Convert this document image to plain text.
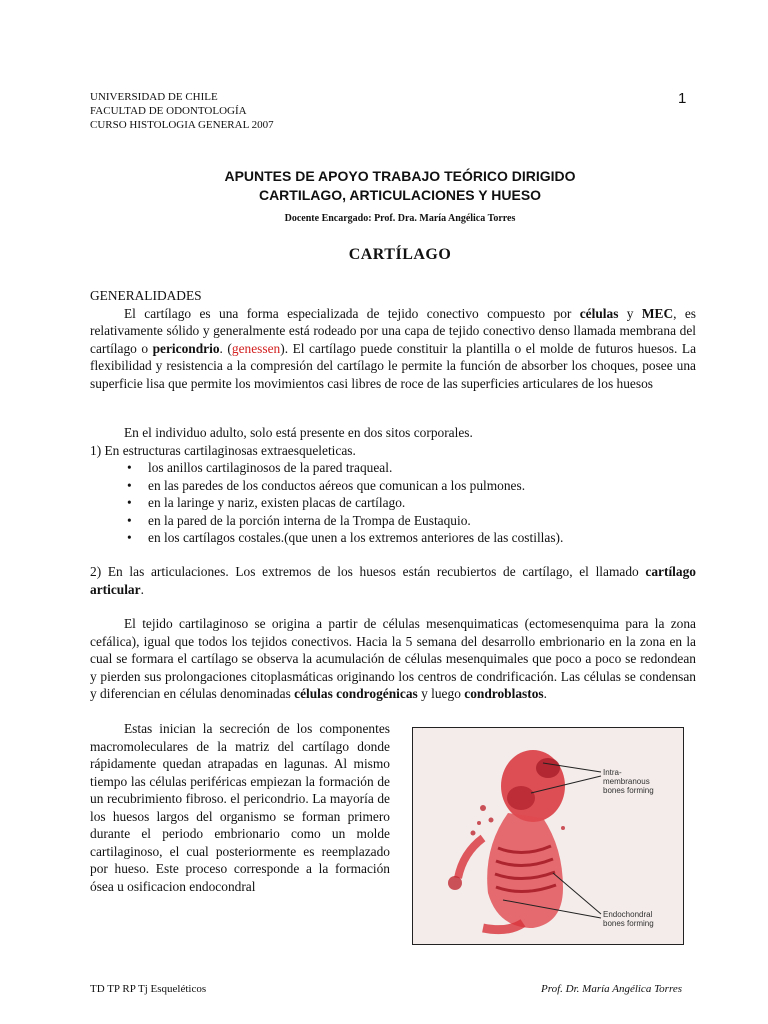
UNIVERSIDAD DE CHILE
FACULTAD DE ODONTOLOGÍA
CURSO HISTOLOGIA GENERAL 2007
1
APUNTES DE APOYO TRABAJO TEÓRICO DIRIGIDO
CARTILAGO, ARTICULACIONES Y HUESO
Docente Encargado: Prof. Dra. María Angélica Torres
CARTÍLAGO
GENERALIDADES
El cartílago es una forma especializada de tejido conectivo compuesto por células y MEC, es relativamente sólido y generalmente está rodeado por una capa de tejido conectivo denso llamada membrana del cartílago o pericondrio. (genessen). El cartílago puede constituir la plantilla o el molde de futuros huesos. La flexibilidad y resistencia a la compresión del cartílago le permite la función de absorber los choques, posee una superficie lisa que permite los movimientos casi libres de roce de las superficies articulares de los huesos
En el individuo adulto, solo está presente en dos sitos corporales.
1) En estructuras cartilaginosas extraesqueleticas.
• los anillos cartilaginosos de la pared traqueal.
• en las paredes de los conductos aéreos que comunican a los pulmones.
• en la laringe y nariz, existen placas de cartílago.
• en la pared de la porción interna de la Trompa de Eustaquio.
• en los cartílagos costales.(que unen a los extremos anteriores de las costillas).
2) En las articulaciones. Los extremos de los huesos están recubiertos de cartílago, el llamado cartílago articular.
El tejido cartilaginoso se origina a partir de células mesenquimaticas (ectomesenquima para la zona cefálica), igual que todos los tejidos conectivos. Hacia la 5 semana del desarrollo embrionario en la zona en la cual se formara el cartílago se observa la acumulación de células mesenquimales que poco a poco se redondean y pierden sus prolongaciones citoplasmáticas originando los centros de condrificación. Las células se condensan y diferencian en células denominadas células condrogénicas y luego condroblastos.
Estas inician la secreción de los componentes macromoleculares de la matriz del cartílago donde rápidamente quedan atrapadas en lagunas. Al mismo tiempo las células periféricas empiezan la formación de un recubrimiento fibroso. el pericondrio. La mayoría de los huesos largos del organismo se forman primero durante el periodo embrionario como un molde cartilaginoso, el cual posteriormente es reemplazado por hueso. Este proceso corresponde a la formación ósea u osificacion endocondral
Intra-
membranous
bones forming
Endochondral
bones forming
TD TP RP Tj Esqueléticos	Prof. Dr. María Angélica Torres
